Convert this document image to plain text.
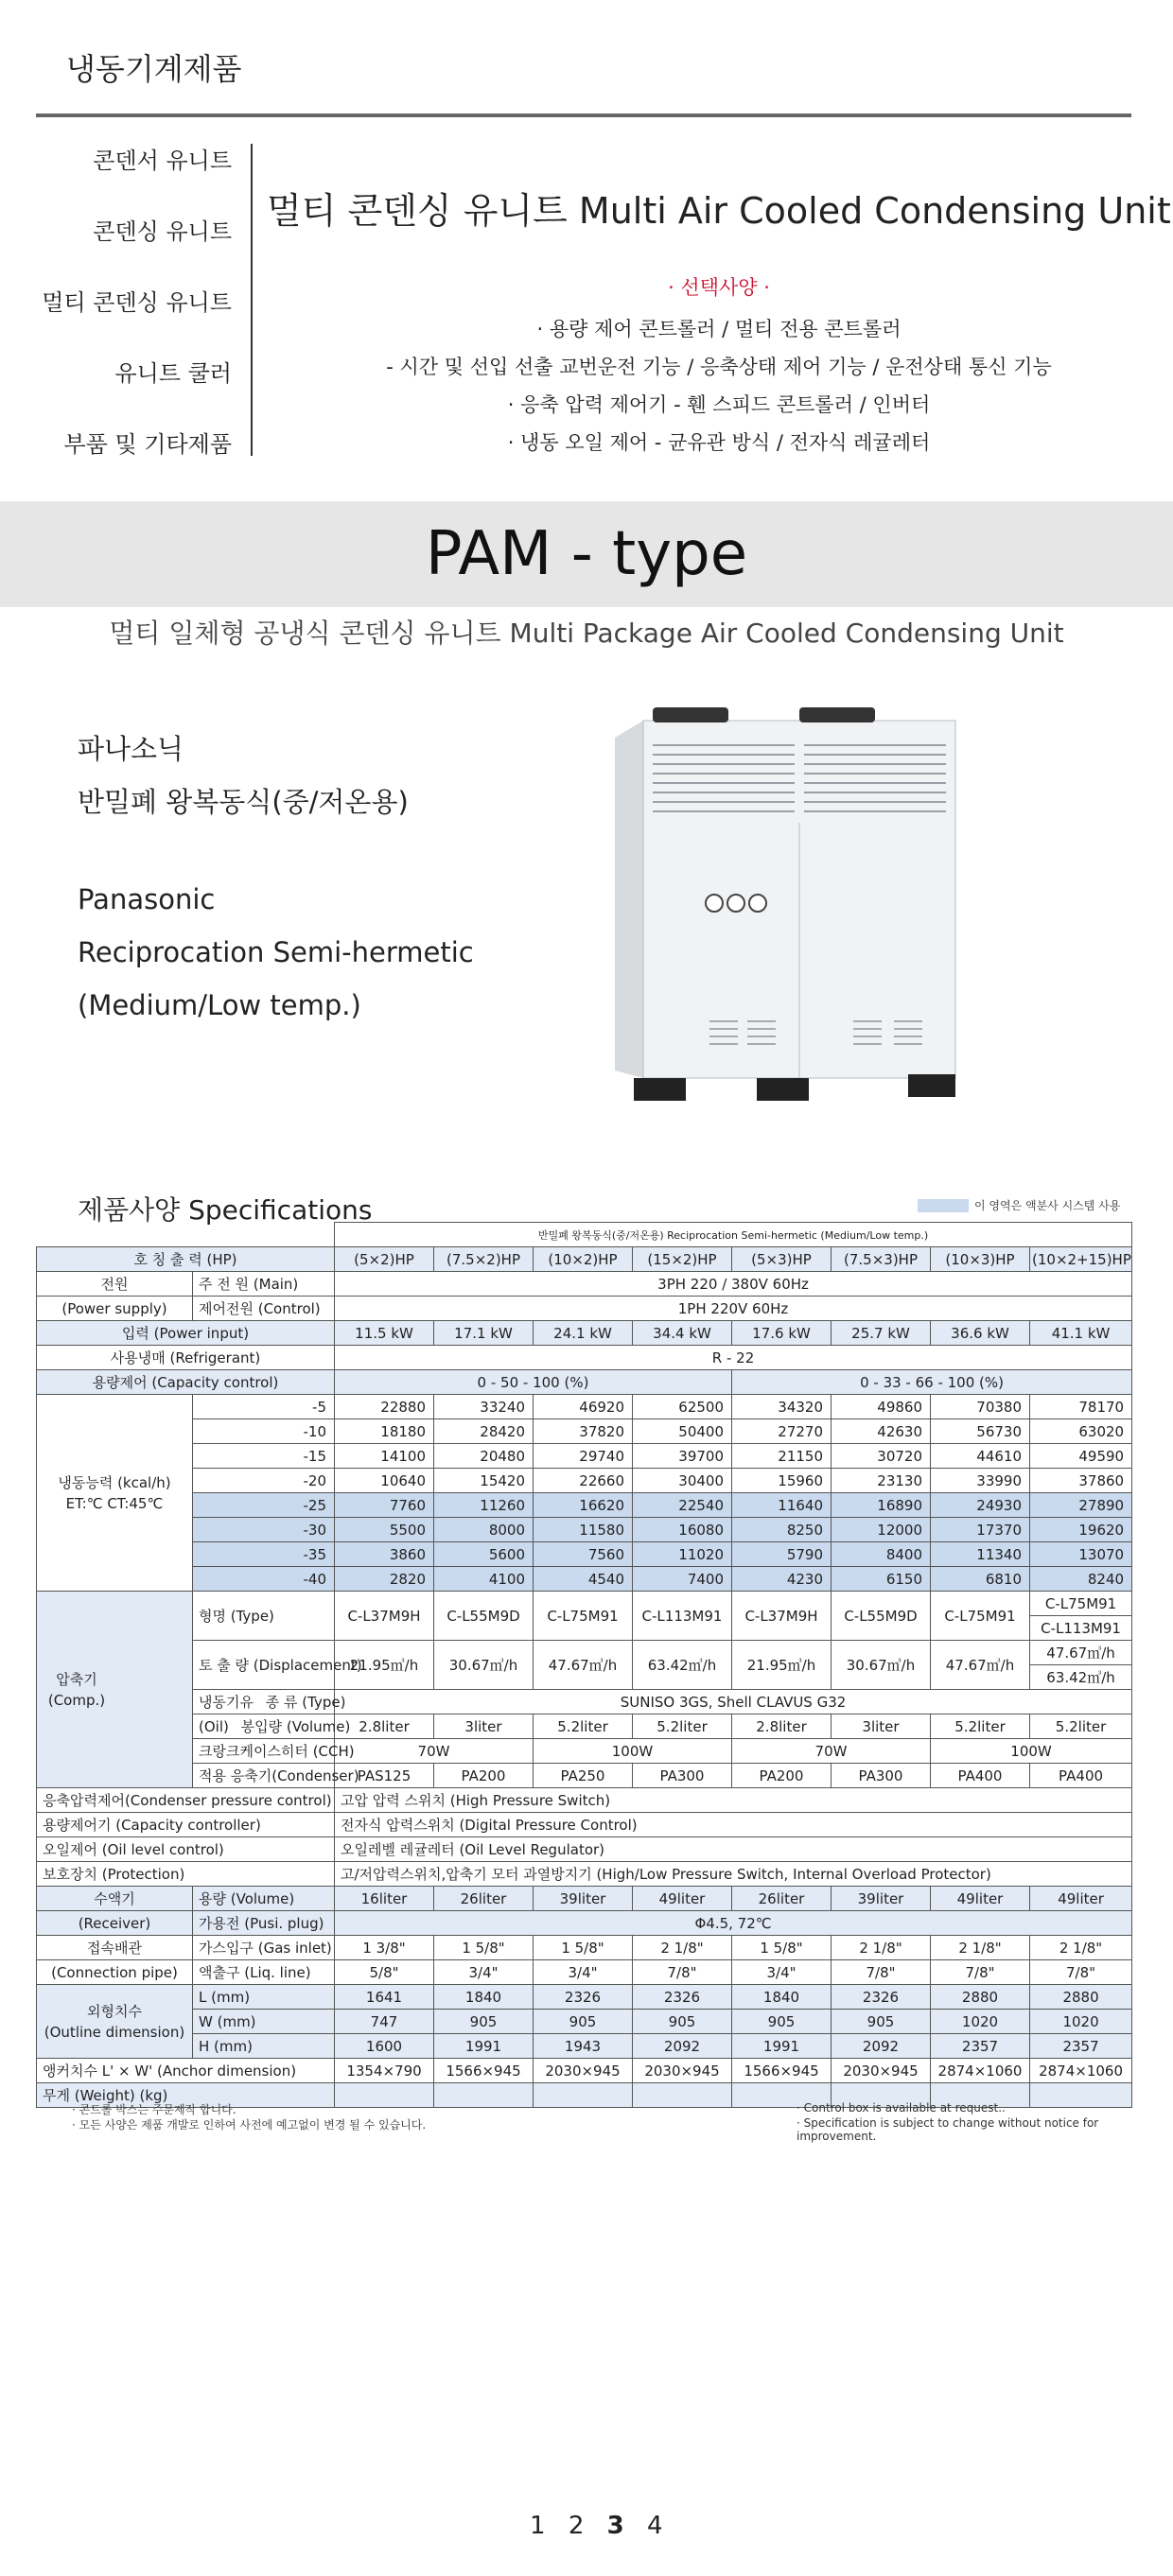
냉동기계제품
콘덴서 유니트
콘덴싱 유니트
멀티 콘덴싱 유니트
유니트 쿨러
부품 및 기타제품
멀티 콘덴싱 유니트 Multi Air Cooled Condensing Unit
· 선택사양 ·
· 용량 제어 콘트롤러 / 멀티 전용 콘트롤러
- 시간 및 선입 선출 교번운전 기능 / 응축상태 제어 기능 / 운전상태 통신 기능
· 응축 압력 제어기 - 휀 스피드 콘트롤러 / 인버터
· 냉동 오일 제어 - 균유관 방식 / 전자식 레귤레터
PAM - type
멀티 일체형 공냉식 콘덴싱 유니트 Multi Package Air Cooled Condensing Unit
파나소닉
반밀폐 왕복동식(중/저온용)
Panasonic
Reciprocation Semi-hermetic
(Medium/Low temp.)
제품사양 Specifications	이 영역은 액분사 시스템 사용
		반밀폐 왕복동식(중/저온용) Reciprocation Semi-hermetic (Medium/Low temp.)							
호 칭 출 력 (HP)		(5×2)HP	(7.5×2)HP	(10×2)HP	(15×2)HP	(5×3)HP	(7.5×3)HP	(10×3)HP	(10×2+15)HP
전원	주 전 원 (Main)	3PH 220 / 380V 60Hz							
(Power supply)	제어전원 (Control)	1PH 220V 60Hz							
입력 (Power input)		11.5 kW	17.1 kW	24.1 kW	34.4 kW	17.6 kW	25.7 kW	36.6 kW	41.1 kW
사용냉매 (Refrigerant)		R - 22							
용량제어 (Capacity control)		0 - 50 - 100 (%)				0 - 33 - 66 - 100 (%)			

냉동능력 (kcal/h)
ET:℃ CT:45℃	-5	22880	33240	46920	62500	34320	49860	70380	78170
	-10	18180	28420	37820	50400	27270	42630	56730	63020
	-15	14100	20480	29740	39700	21150	30720	44610	49590
	-20	10640	15420	22660	30400	15960	23130	33990	37860
	-25	7760	11260	16620	22540	11640	16890	24930	27890
	-30	5500	8000	11580	16080	8250	12000	17370	19620
	-35	3860	5600	7560	11020	5790	8400	11340	13070
	-40	2820	4100	4540	7400	4230	6150	6810	8240

압축기
(Comp.)	형명 (Type)	C-L37M9H	C-L55M9D	C-L75M91	C-L113M91	C-L37M9H	C-L55M9D	C-L75M91	C-L75M91
									C-L113M91
	토 출 량 (Displacement)	21.95㎥/h	30.67㎥/h	47.67㎥/h	63.42㎥/h	21.95㎥/h	30.67㎥/h	47.67㎥/h	47.67㎥/h
									63.42㎥/h
	냉동기유 종 류 (Type)	SUNISO 3GS, Shell CLAVUS G32							
	(Oil) 봉입량 (Volume)	2.8liter	3liter	5.2liter	5.2liter	2.8liter	3liter	5.2liter	5.2liter
	크랑크케이스히터 (CCH)	70W		100W		70W		100W	
	적용 응축기(Condenser)	PAS125	PA200	PA250	PA300	PA200	PA300	PA400	PA400
응축압력제어(Condenser pressure control)		고압 압력 스위치 (High Pressure Switch)							
용량제어기 (Capacity controller)		전자식 압력스위치 (Digital Pressure Control)							
오일제어 (Oil level control)		오일레벨 레귤레터 (Oil Level Regulator)							
보호장치 (Protection)		고/저압력스위치,압축기 모터 과열방지기 (High/Low Pressure Switch, Internal Overload Protector)							
수액기	용량 (Volume)	16liter	26liter	39liter	49liter	26liter	39liter	49liter	49liter
(Receiver)	가용전 (Pusi. plug)	Φ4.5, 72℃							
접속배관	가스입구 (Gas inlet)	1 3/8"	1 5/8"	1 5/8"	2 1/8"	1 5/8"	2 1/8"	2 1/8"	2 1/8"
(Connection pipe)	액출구 (Liq. line)	5/8"	3/4"	3/4"	7/8"	3/4"	7/8"	7/8"	7/8"

외형치수
(Outline dimension)	L (mm)	1641	1840	2326	2326	1840	2326	2880	2880
	W (mm)	747	905	905	905	905	905	1020	1020
	H (mm)	1600	1991	1943	2092	1991	2092	2357	2357
앵커치수 L' × W' (Anchor dimension)		1354×790	1566×945	2030×945	2030×945	1566×945	2030×945	2874×1060	2874×1060
무게 (Weight) (kg)									
· 콘트롤 박스는 주문제작 합니다.
· 모든 사양은 제품 개발로 인하여 사전에 예고없이 변경 될 수 있습니다.
· Control box is available at request..
· Specification is subject to change without notice for improvement.
1 2 3 4
